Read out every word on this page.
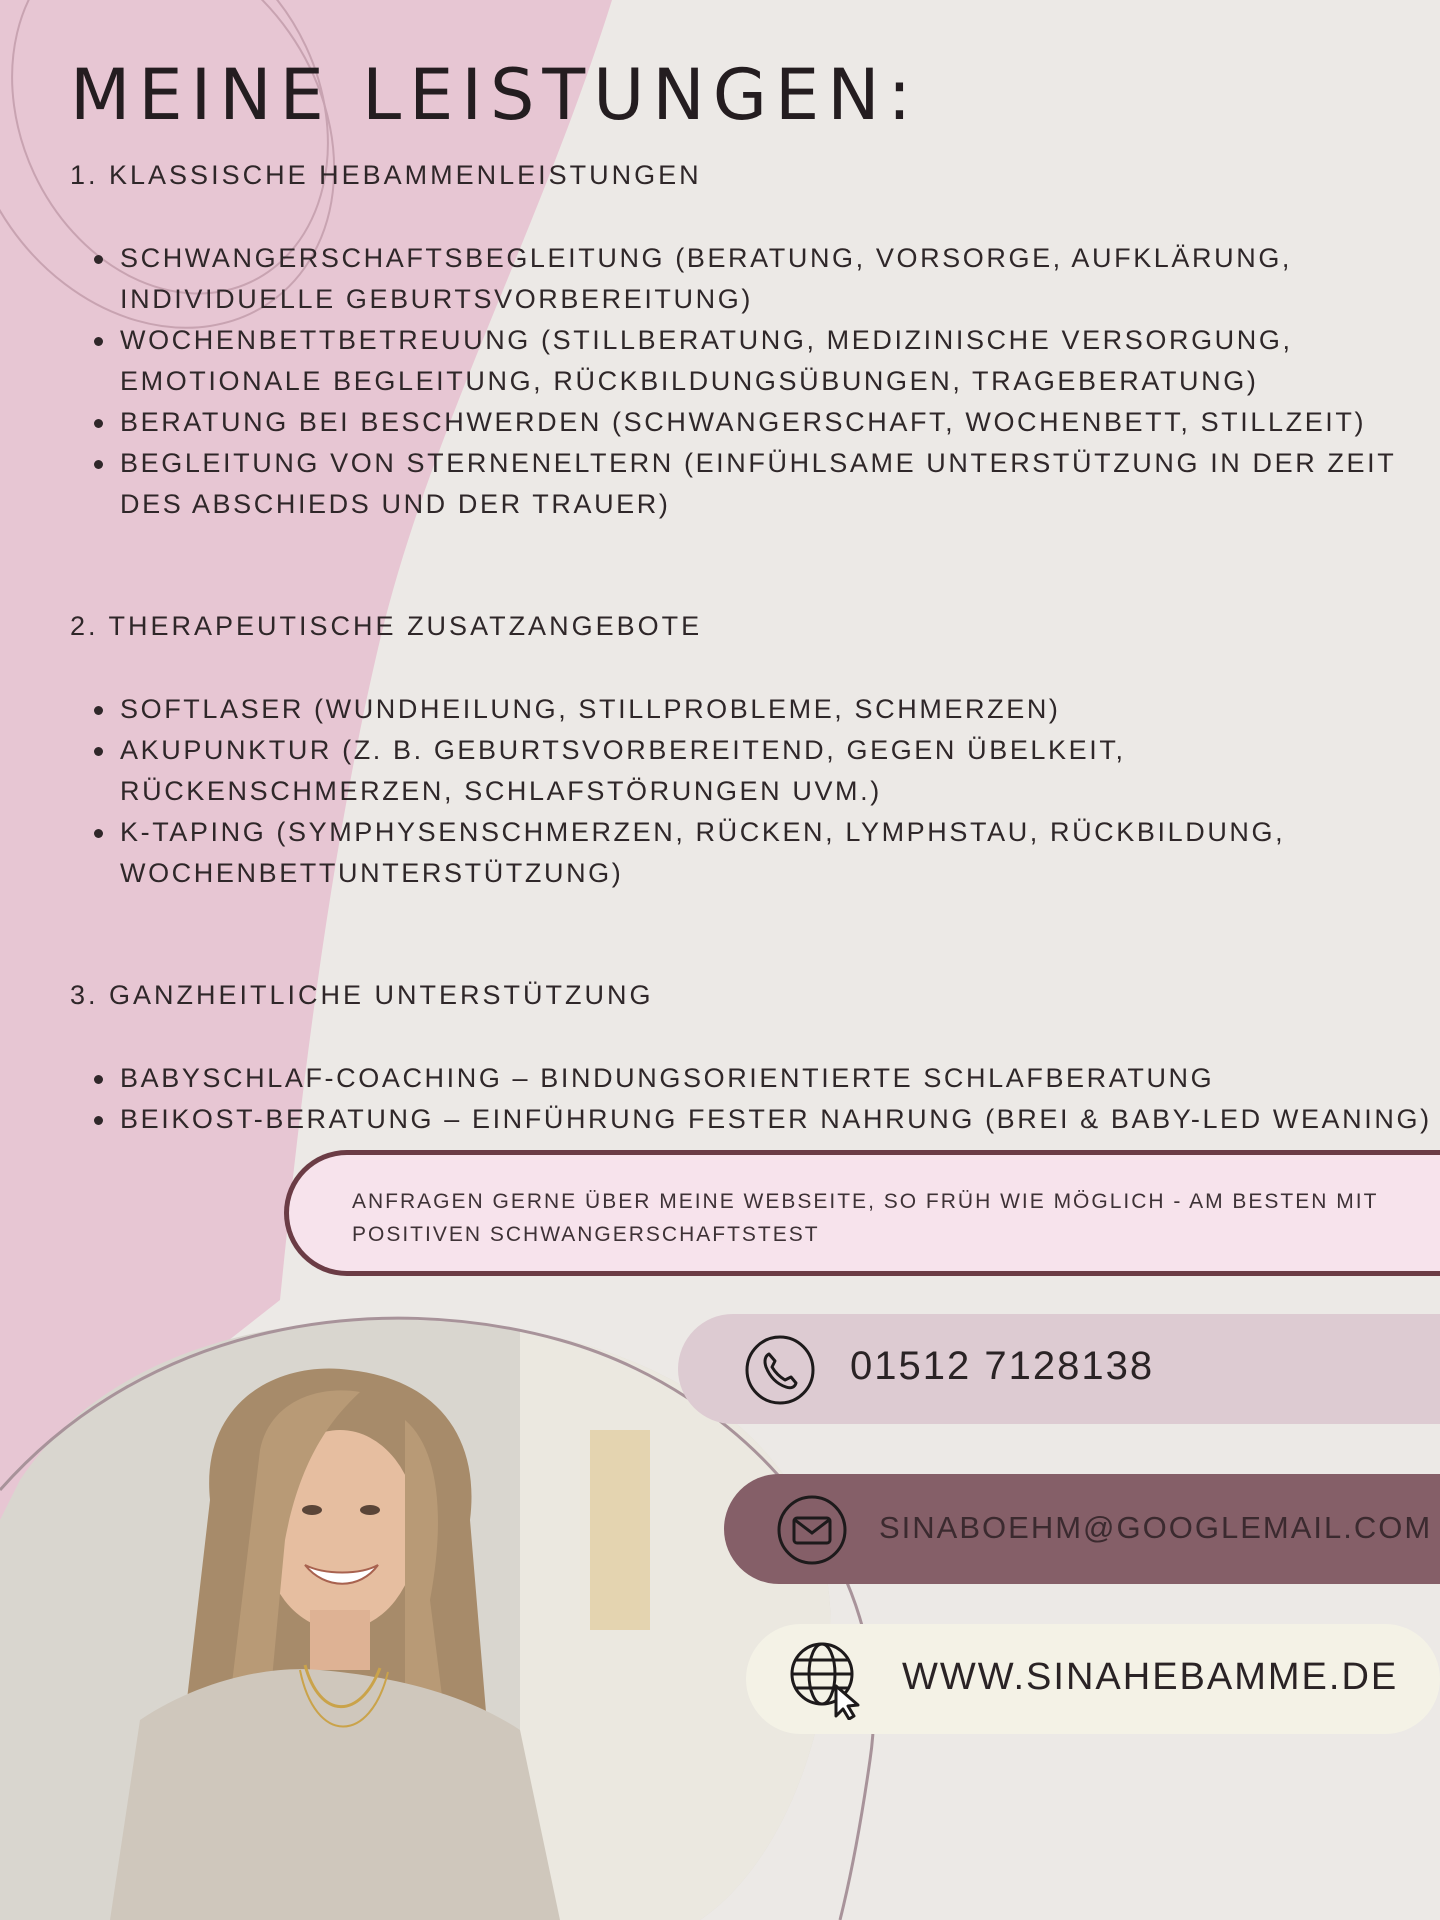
MEINE LEISTUNGEN:
1. KLASSISCHE HEBAMMENLEISTUNGEN
SCHWANGERSCHAFTSBEGLEITUNG (BERATUNG, VORSORGE, AUFKLÄRUNG, INDIVIDUELLE GEBURTSVORBEREITUNG)
WOCHENBETTBETREUUNG (STILLBERATUNG, MEDIZINISCHE VERSORGUNG, EMOTIONALE BEGLEITUNG, RÜCKBILDUNGSÜBUNGEN, TRAGEBERATUNG)
BERATUNG BEI BESCHWERDEN (SCHWANGERSCHAFT, WOCHENBETT, STILLZEIT)
BEGLEITUNG VON STERNENELTERN (EINFÜHLSAME UNTERSTÜTZUNG IN DER ZEIT DES ABSCHIEDS UND DER TRAUER)
2. THERAPEUTISCHE ZUSATZANGEBOTE
SOFTLASER (WUNDHEILUNG, STILLPROBLEME, SCHMERZEN)
AKUPUNKTUR (Z. B. GEBURTSVORBEREITEND, GEGEN ÜBELKEIT, RÜCKENSCHMERZEN, SCHLAFSTÖRUNGEN UVM.)
K-TAPING (SYMPHYSENSCHMERZEN, RÜCKEN, LYMPHSTAU, RÜCKBILDUNG, WOCHENBETTUNTERSTÜTZUNG)
3. GANZHEITLICHE UNTERSTÜTZUNG
BABYSCHLAF-COACHING – BINDUNGSORIENTIERTE SCHLAFBERATUNG
BEIKOST-BERATUNG – EINFÜHRUNG FESTER NAHRUNG (BREI & BABY-LED WEANING)
ANFRAGEN GERNE ÜBER MEINE WEBSEITE, SO FRÜH WIE MÖGLICH - AM BESTEN MIT POSITIVEN SCHWANGERSCHAFTSTEST
01512 7128138
SINABOEHM@GOOGLEMAIL.COM
WWW.SINAHEBAMME.DE
